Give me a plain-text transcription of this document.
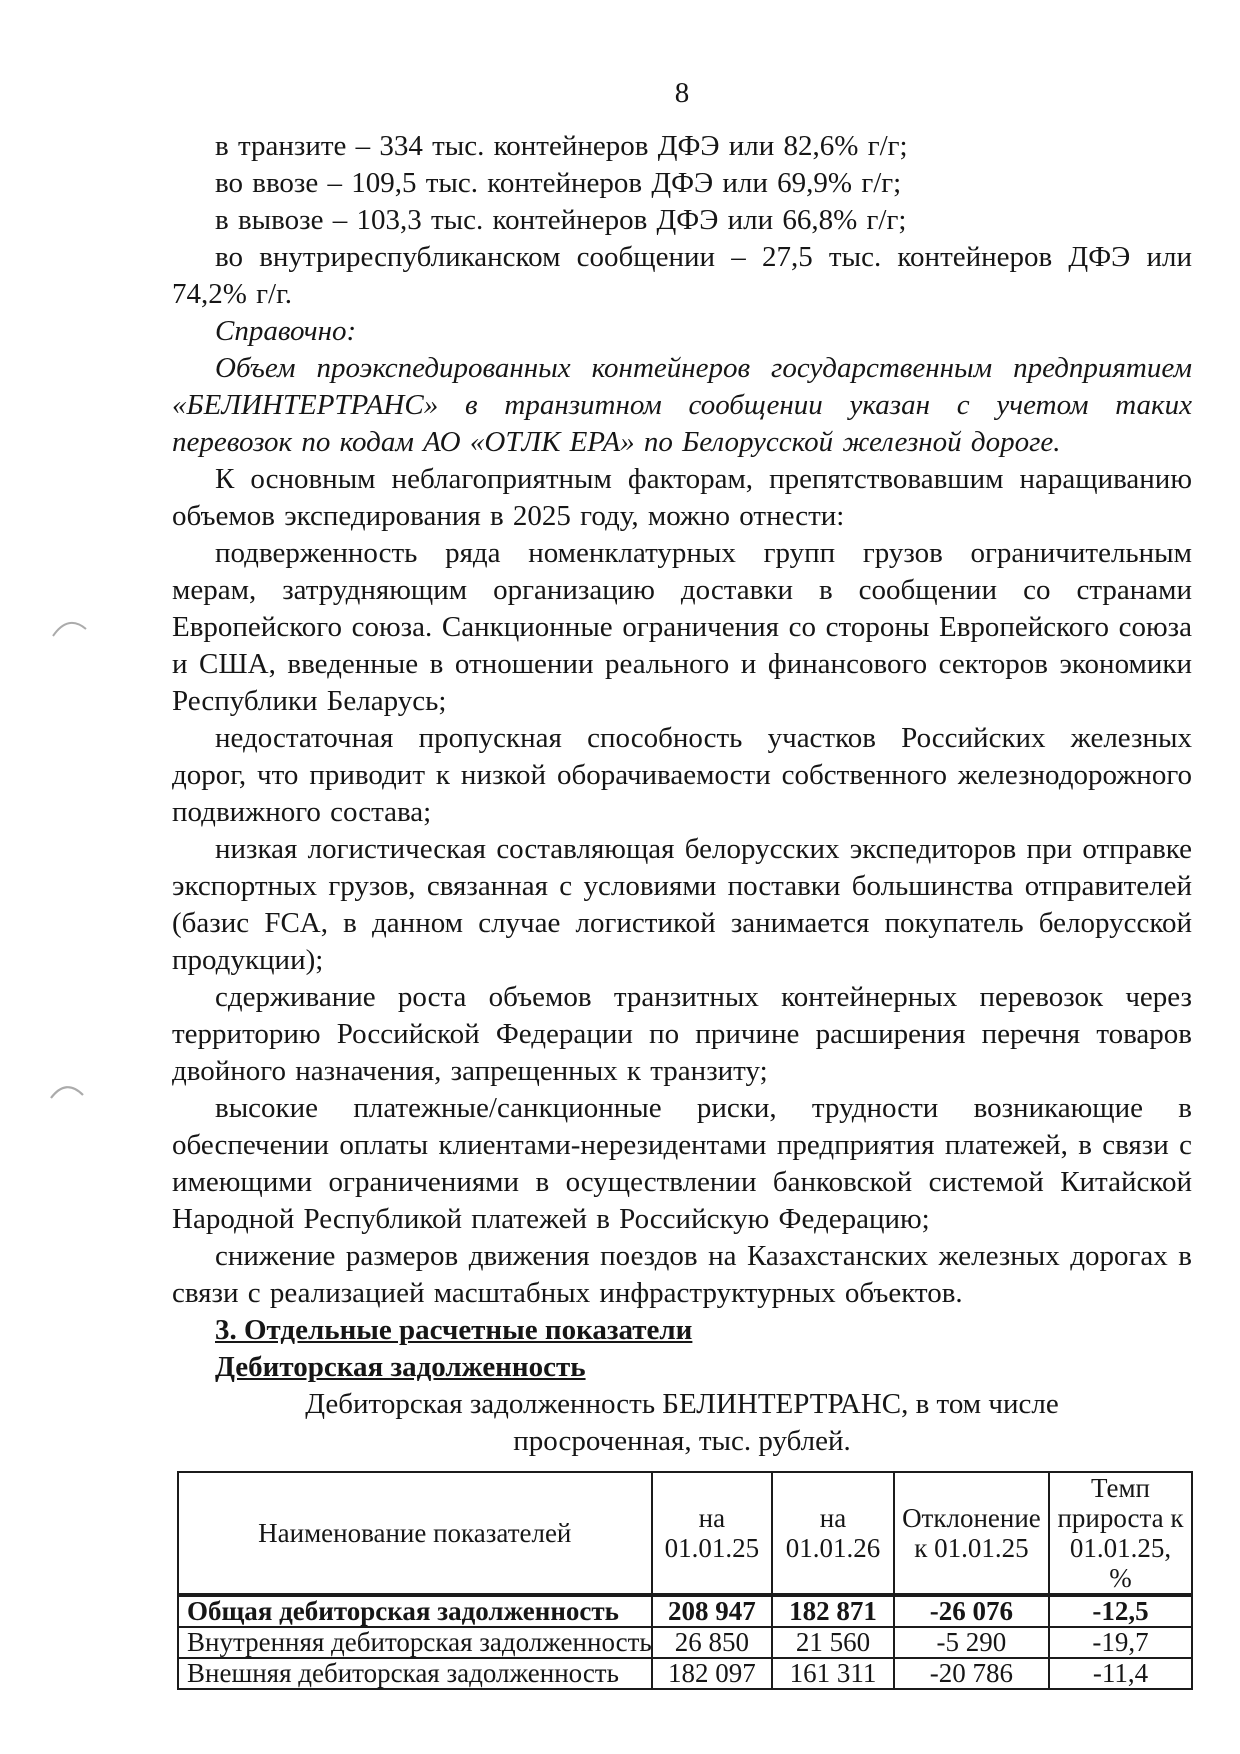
8

в транзите – 334 тыс. контейнеров ДФЭ или 82,6% г/г;

во ввозе – 109,5 тыс. контейнеров ДФЭ или 69,9% г/г;

в вывозе – 103,3 тыс. контейнеров ДФЭ или 66,8% г/г;

во внутриреспубликанском сообщении – 27,5 тыс. контейнеров ДФЭ или 74,2% г/г.

Справочно:

Объем проэкспедированных контейнеров государственным предприятием «БЕЛИНТЕРТРАНС» в транзитном сообщении указан с учетом таких перевозок по кодам АО «ОТЛК ЕРА» по Белорусской железной дороге.

К основным неблагоприятным факторам, препятствовавшим наращиванию объемов экспедирования в 2025 году, можно отнести:

подверженность ряда номенклатурных групп грузов ограничительным мерам, затрудняющим организацию доставки в сообщении со странами Европейского союза. Санкционные ограничения со стороны Европейского союза и США, введенные в отношении реального и финансового секторов экономики Республики Беларусь;

недостаточная пропускная способность участков Российских железных дорог, что приводит к низкой оборачиваемости собственного железнодорожного подвижного состава;

низкая логистическая составляющая белорусских экспедиторов при отправке экспортных грузов, связанная с условиями поставки большинства отправителей (базис FCA, в данном случае логистикой занимается покупатель белорусской продукции);

сдерживание роста объемов транзитных контейнерных перевозок через территорию Российской Федерации по причине расширения перечня товаров двойного назначения, запрещенных к транзиту;

высокие платежные/санкционные риски, трудности возникающие в обеспечении оплаты клиентами-нерезидентами предприятия платежей, в связи с имеющими ограничениями в осуществлении банковской системой Китайской Народной Республикой платежей в Российскую Федерацию;

снижение размеров движения поездов на Казахстанских железных дорогах в связи с реализацией масштабных инфраструктурных объектов.

3. Отдельные расчетные показатели

Дебиторская задолженность

Дебиторская задолженность БЕЛИНТЕРТРАНС, в том числе
просроченная, тыс. рублей.
Наименование показателей	на 01.01.25	на 01.01.26	Отклонение к 01.01.25	Темп прироста к 01.01.25, %
Общая дебиторская задолженность	208 947	182 871	-26 076	-12,5
Внутренняя дебиторская задолженность	26 850	21 560	-5 290	-19,7
Внешняя дебиторская задолженность	182 097	161 311	-20 786	-11,4
